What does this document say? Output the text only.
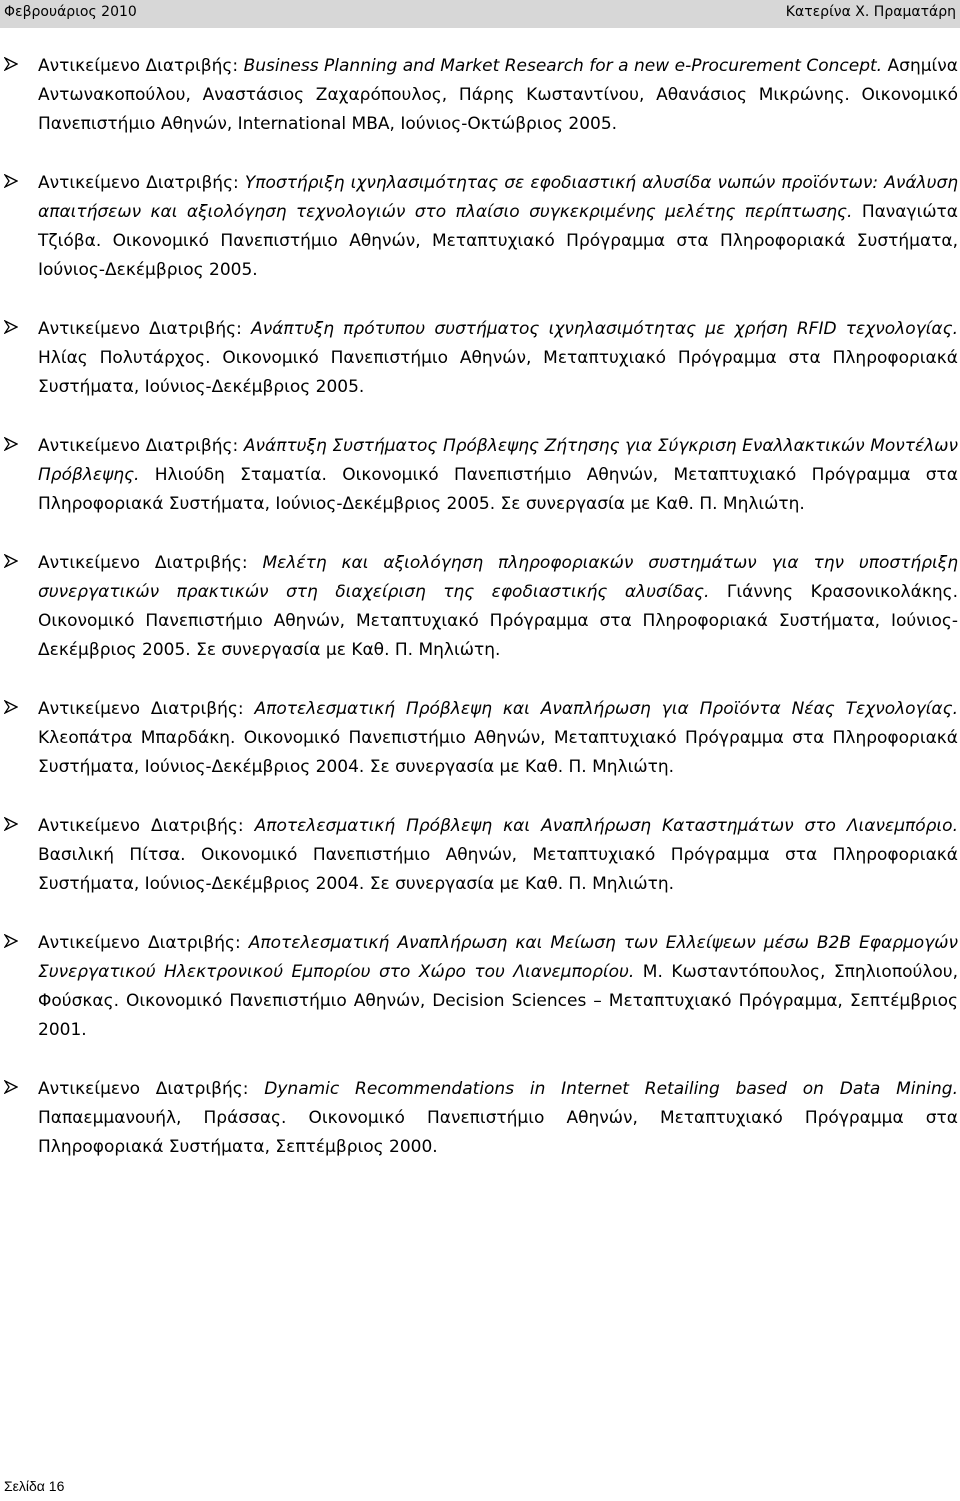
Φεβρουάριος 2010	Κατερίνα Χ. Πραματάρη
Αντικείμενο Διατριβής: Business Planning and Market Research for a new e-Procurement Concept. Ασημίνα Αντωνακοπούλου, Αναστάσιος Ζαχαρόπουλος, Πάρης Κωσταντίνου, Αθανάσιος Μικρώνης. Οικονομικό Πανεπιστήμιο Αθηνών, International MBA, Ιούνιος-Οκτώβριος 2005.
Αντικείμενο Διατριβής: Υποστήριξη ιχνηλασιμότητας σε εφοδιαστική αλυσίδα νωπών προϊόντων: Ανάλυση απαιτήσεων και αξιολόγηση τεχνολογιών στο πλαίσιο συγκεκριμένης μελέτης περίπτωσης. Παναγιώτα Τζιόβα. Οικονομικό Πανεπιστήμιο Αθηνών, Μεταπτυχιακό Πρόγραμμα στα Πληροφοριακά Συστήματα, Ιούνιος-Δεκέμβριος 2005.
Αντικείμενο Διατριβής: Ανάπτυξη πρότυπου συστήματος ιχνηλασιμότητας με χρήση RFID τεχνολογίας. Ηλίας Πολυτάρχος. Οικονομικό Πανεπιστήμιο Αθηνών, Μεταπτυχιακό Πρόγραμμα στα Πληροφοριακά Συστήματα, Ιούνιος-Δεκέμβριος 2005.
Αντικείμενο Διατριβής: Ανάπτυξη Συστήματος Πρόβλεψης Ζήτησης για Σύγκριση Εναλλακτικών Μοντέλων Πρόβλεψης. Ηλιούδη Σταματία. Οικονομικό Πανεπιστήμιο Αθηνών, Μεταπτυχιακό Πρόγραμμα στα Πληροφοριακά Συστήματα, Ιούνιος-Δεκέμβριος 2005. Σε συνεργασία με Καθ. Π. Μηλιώτη.
Αντικείμενο Διατριβής: Μελέτη και αξιολόγηση πληροφοριακών συστημάτων για την υποστήριξη συνεργατικών πρακτικών στη διαχείριση της εφοδιαστικής αλυσίδας. Γιάννης Κρασονικολάκης. Οικονομικό Πανεπιστήμιο Αθηνών, Μεταπτυχιακό Πρόγραμμα στα Πληροφοριακά Συστήματα, Ιούνιος-Δεκέμβριος 2005. Σε συνεργασία με Καθ. Π. Μηλιώτη.
Αντικείμενο Διατριβής: Αποτελεσματική Πρόβλεψη και Αναπλήρωση για Προϊόντα Νέας Τεχνολογίας. Κλεοπάτρα Μπαρδάκη. Οικονομικό Πανεπιστήμιο Αθηνών, Μεταπτυχιακό Πρόγραμμα στα Πληροφοριακά Συστήματα, Ιούνιος-Δεκέμβριος 2004. Σε συνεργασία με Καθ. Π. Μηλιώτη.
Αντικείμενο Διατριβής: Αποτελεσματική Πρόβλεψη και Αναπλήρωση Καταστημάτων στο Λιανεμπόριο. Βασιλική Πίτσα. Οικονομικό Πανεπιστήμιο Αθηνών, Μεταπτυχιακό Πρόγραμμα στα Πληροφοριακά Συστήματα, Ιούνιος-Δεκέμβριος 2004. Σε συνεργασία με Καθ. Π. Μηλιώτη.
Αντικείμενο Διατριβής: Αποτελεσματική Αναπλήρωση και Μείωση των Ελλείψεων μέσω B2B Εφαρμογών Συνεργατικού Ηλεκτρονικού Εμπορίου στο Χώρο του Λιανεμπορίου. Μ. Κωσταντόπουλος, Σπηλιοπούλου, Φούσκας. Οικονομικό Πανεπιστήμιο Αθηνών, Decision Sciences – Μεταπτυχιακό Πρόγραμμα, Σεπτέμβριος 2001.
Αντικείμενο Διατριβής: Dynamic Recommendations in Internet Retailing based on Data Mining. Παπαεμμανουήλ, Πράσσας. Οικονομικό Πανεπιστήμιο Αθηνών, Μεταπτυχιακό Πρόγραμμα στα Πληροφοριακά Συστήματα, Σεπτέμβριος 2000.
Σελίδα 16
